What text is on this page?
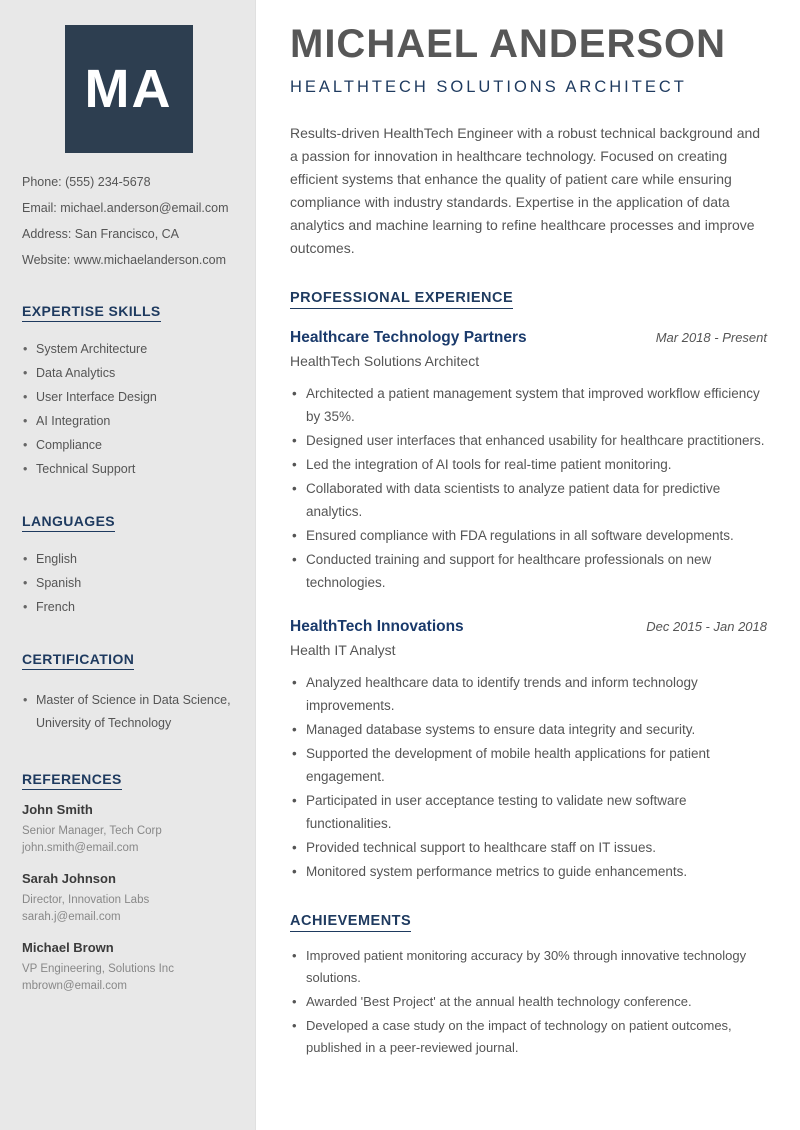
MA

Phone: (555) 234-5678

Email: michael.anderson@email.com

Address: San Francisco, CA

Website: www.michaelanderson.com

EXPERTISE SKILLS
• System Architecture
• Data Analytics
• User Interface Design
• AI Integration
• Compliance
• Technical Support
LANGUAGES
• English
• Spanish
• French
CERTIFICATION
• Master of Science in Data Science, University of Technology
REFERENCES

John Smith

Senior Manager, Tech Corp

john.smith@email.com

Sarah Johnson

Director, Innovation Labs

sarah.j@email.com

Michael Brown

VP Engineering, Solutions Inc

mbrown@email.com

MICHAEL ANDERSON
HEALTHTECH SOLUTIONS ARCHITECT

Results-driven HealthTech Engineer with a robust technical background and a passion for innovation in healthcare technology. Focused on creating efficient systems that enhance the quality of patient care while ensuring compliance with industry standards. Expertise in the application of data analytics and machine learning to refine healthcare processes and improve outcomes.

PROFESSIONAL EXPERIENCE
Healthcare Technology Partners	Mar 2018 - Present

HealthTech Solutions Architect

• Architected a patient management system that improved workflow efficiency by 35%.
• Designed user interfaces that enhanced usability for healthcare practitioners.
• Led the integration of AI tools for real-time patient monitoring.
• Collaborated with data scientists to analyze patient data for predictive analytics.
• Ensured compliance with FDA regulations in all software developments.
• Conducted training and support for healthcare professionals on new technologies.
HealthTech Innovations	Dec 2015 - Jan 2018

Health IT Analyst

• Analyzed healthcare data to identify trends and inform technology improvements.
• Managed database systems to ensure data integrity and security.
• Supported the development of mobile health applications for patient engagement.
• Participated in user acceptance testing to validate new software functionalities.
• Provided technical support to healthcare staff on IT issues.
• Monitored system performance metrics to guide enhancements.
ACHIEVEMENTS
• Improved patient monitoring accuracy by 30% through innovative technology solutions.
• Awarded 'Best Project' at the annual health technology conference.
• Developed a case study on the impact of technology on patient outcomes, published in a peer-reviewed journal.
